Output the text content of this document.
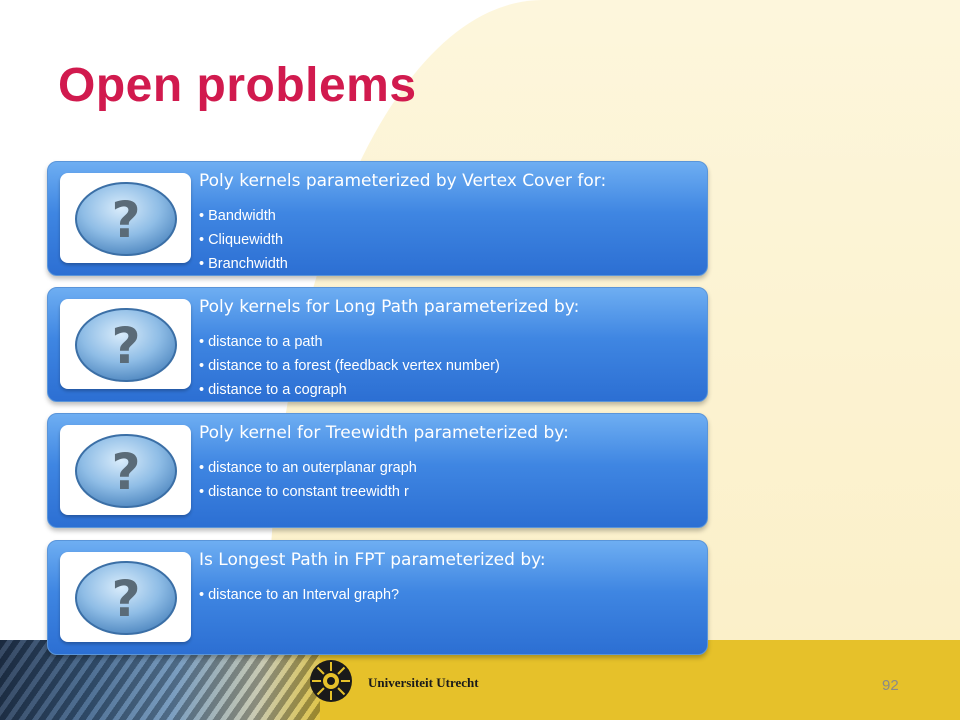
Open problems
?

Poly kernels parameterized by Vertex Cover for:

• Bandwidth
• Cliquewidth
• Branchwidth
?

Poly kernels for Long Path parameterized by:

• distance to a path
• distance to a forest (feedback vertex number)
• distance to a cograph
?

Poly kernel for Treewidth parameterized by:

• distance to an outerplanar graph
• distance to constant treewidth r
?

Is Longest Path in FPT parameterized by:

• distance to an Interval graph?

Universiteit Utrecht	92
